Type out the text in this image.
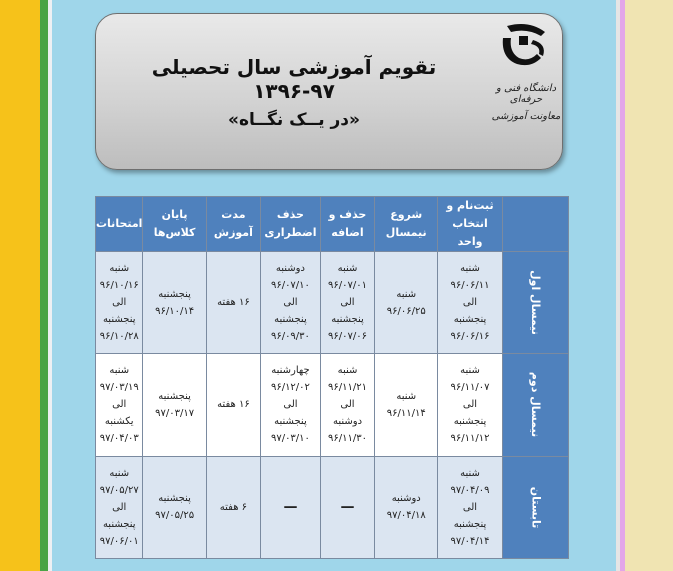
تقویم آموزشی سال تحصیلی ۹۷-۱۳۹۶
«در یــک نگــاه»
دانشگاه فنی و حرفه‌ای
معاونت آموزشی
	ثبت‌نام و انتخاب واحد	شروع نیمسال	حذف و اضافه	حذف اضطراری	مدت آموزش	پایان کلاس‌ها	امتحانات
نیمسال اول	شنبه
۹۶/۰۶/۱۱
الی
پنجشنبه
۹۶/۰۶/۱۶	شنبه
۹۶/۰۶/۲۵	شنبه
۹۶/۰۷/۰۱
الی
پنجشنبه
۹۶/۰۷/۰۶	دوشنبه
۹۶/۰۷/۱۰
الی
پنجشنبه
۹۶/۰۹/۳۰	۱۶ هفته	پنجشنبه
۹۶/۱۰/۱۴	شنبه
۹۶/۱۰/۱۶
الی
پنجشنبه
۹۶/۱۰/۲۸
نیمسال دوم	شنبه
۹۶/۱۱/۰۷
الی
پنجشنبه
۹۶/۱۱/۱۲	شنبه
۹۶/۱۱/۱۴	شنبه
۹۶/۱۱/۲۱
الی
دوشنبه
۹۶/۱۱/۳۰	چهارشنبه
۹۶/۱۲/۰۲
الی
پنجشنبه
۹۷/۰۳/۱۰	۱۶ هفته	پنجشنبه
۹۷/۰۳/۱۷	شنبه
۹۷/۰۳/۱۹
الی
یکشنبه
۹۷/۰۴/۰۳
تابستان	شنبه
۹۷/۰۴/۰۹
الی
پنجشنبه
۹۷/۰۴/۱۴	دوشنبه
۹۷/۰۴/۱۸	—	—	۶ هفته	پنجشنبه
۹۷/۰۵/۲۵	شنبه
۹۷/۰۵/۲۷
الی
پنجشنبه
۹۷/۰۶/۰۱
